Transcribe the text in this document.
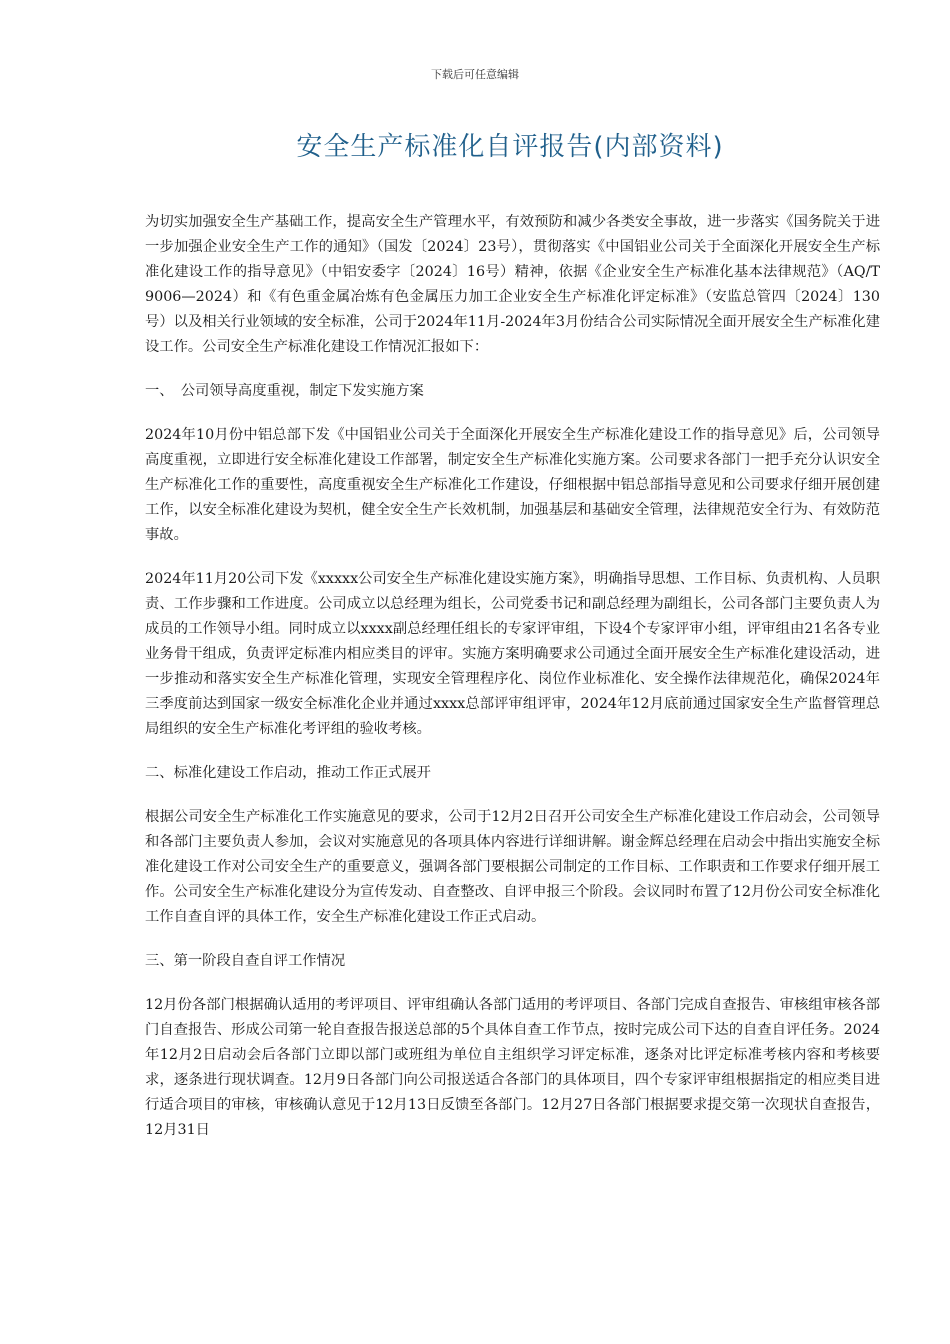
下载后可任意编辑
安全生产标准化自评报告(内部资料)

为切实加强安全生产基础工作，提高安全生产管理水平，有效预防和减少各类安全事故，进一步落实《国务院关于进一步加强企业安全生产工作的通知》（国发〔2024〕23号），贯彻落实《中国铝业公司关于全面深化开展安全生产标准化建设工作的指导意见》（中铝安委字〔2024〕16号）精神，依据《企业安全生产标准化基本法律规范》（AQ/T 9006—2024）和《有色重金属冶炼有色金属压力加工企业安全生产标准化评定标准》（安监总管四〔2024〕130号）以及相关行业领域的安全标准，公司于2024年11月-2024年3月份结合公司实际情况全面开展安全生产标准化建设工作。公司安全生产标准化建设工作情况汇报如下：

一、　公司领导高度重视，制定下发实施方案

2024年10月份中铝总部下发《中国铝业公司关于全面深化开展安全生产标准化建设工作的指导意见》后，公司领导高度重视，立即进行安全标准化建设工作部署，制定安全生产标准化实施方案。公司要求各部门一把手充分认识安全生产标准化工作的重要性，高度重视安全生产标准化工作建设，仔细根据中铝总部指导意见和公司要求仔细开展创建工作，以安全标准化建设为契机，健全安全生产长效机制，加强基层和基础安全管理，法律规范安全行为、有效防范事故。

2024年11月20公司下发《xxxxx公司安全生产标准化建设实施方案》，明确指导思想、工作目标、负责机构、人员职责、工作步骤和工作进度。公司成立以总经理为组长，公司党委书记和副总经理为副组长，公司各部门主要负责人为成员的工作领导小组。同时成立以xxxx副总经理任组长的专家评审组，下设4个专家评审小组，评审组由21名各专业业务骨干组成，负责评定标准内相应类目的评审。实施方案明确要求公司通过全面开展安全生产标准化建设活动，进一步推动和落实安全生产标准化管理，实现安全管理程序化、岗位作业标准化、安全操作法律规范化，确保2024年三季度前达到国家一级安全标准化企业并通过xxxx总部评审组评审，2024年12月底前通过国家安全生产监督管理总局组织的安全生产标准化考评组的验收考核。

二、标准化建设工作启动，推动工作正式展开

根据公司安全生产标准化工作实施意见的要求，公司于12月2日召开公司安全生产标准化建设工作启动会，公司领导和各部门主要负责人参加，会议对实施意见的各项具体内容进行详细讲解。谢金辉总经理在启动会中指出实施安全标准化建设工作对公司安全生产的重要意义，强调各部门要根据公司制定的工作目标、工作职责和工作要求仔细开展工作。公司安全生产标准化建设分为宣传发动、自查整改、自评申报三个阶段。会议同时布置了12月份公司安全标准化工作自查自评的具体工作，安全生产标准化建设工作正式启动。

三、第一阶段自查自评工作情况

12月份各部门根据确认适用的考评项目、评审组确认各部门适用的考评项目、各部门完成自查报告、审核组审核各部门自查报告、形成公司第一轮自查报告报送总部的5个具体自查工作节点，按时完成公司下达的自查自评任务。2024年12月2日启动会后各部门立即以部门或班组为单位自主组织学习评定标准，逐条对比评定标准考核内容和考核要求，逐条进行现状调查。12月9日各部门向公司报送适合各部门的具体项目，四个专家评审组根据指定的相应类目进行适合项目的审核，审核确认意见于12月13日反馈至各部门。12月27日各部门根据要求提交第一次现状自查报告，12月31日
